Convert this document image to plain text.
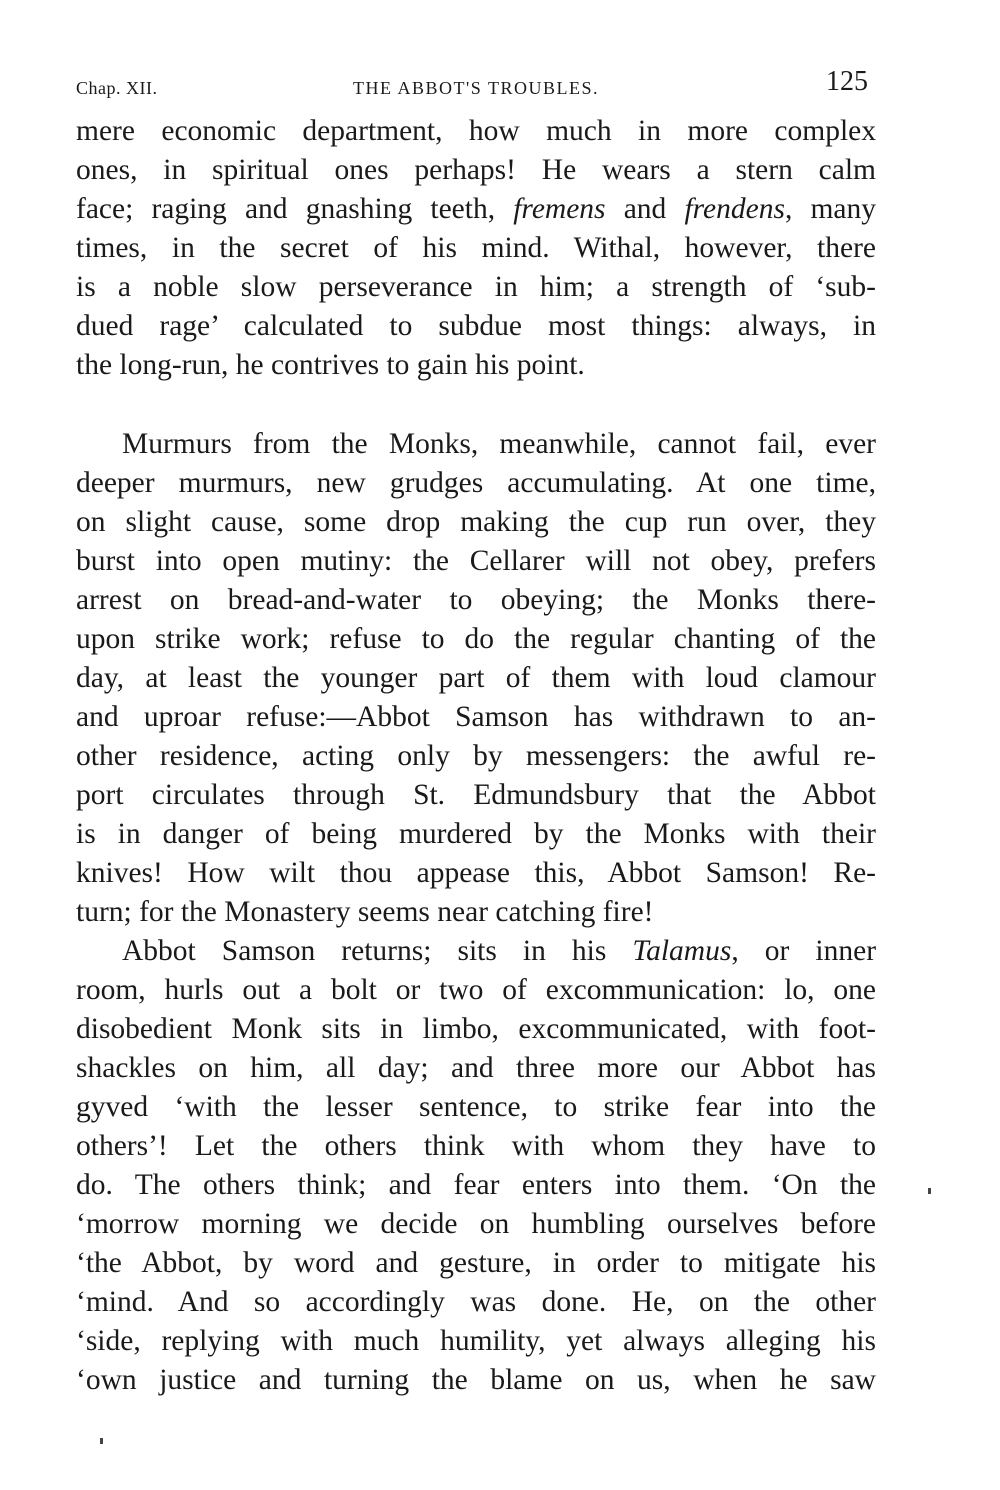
Chap. XII.	THE ABBOT'S TROUBLES.	125
mere economic department, how much in more complex
ones, in spiritual ones perhaps! He wears a stern calm
face; raging and gnashing teeth, fremens and frendens, many
times, in the secret of his mind. Withal, however, there
is a noble slow perseverance in him; a strength of ‘sub-
dued rage’ calculated to subdue most things: always, in
the long-run, he contrives to gain his point.
Murmurs from the Monks, meanwhile, cannot fail, ever
deeper murmurs, new grudges accumulating. At one time,
on slight cause, some drop making the cup run over, they
burst into open mutiny: the Cellarer will not obey, prefers
arrest on bread-and-water to obeying; the Monks there-
upon strike work; refuse to do the regular chanting of the
day, at least the younger part of them with loud clamour
and uproar refuse:—Abbot Samson has withdrawn to an-
other residence, acting only by messengers: the awful re-
port circulates through St. Edmundsbury that the Abbot
is in danger of being murdered by the Monks with their
knives! How wilt thou appease this, Abbot Samson! Re-
turn; for the Monastery seems near catching fire!
Abbot Samson returns; sits in his Talamus, or inner
room, hurls out a bolt or two of excommunication: lo, one
disobedient Monk sits in limbo, excommunicated, with foot-
shackles on him, all day; and three more our Abbot has
gyved ‘with the lesser sentence, to strike fear into the
others’! Let the others think with whom they have to
do. The others think; and fear enters into them. ‘On the
‘morrow morning we decide on humbling ourselves before
‘the Abbot, by word and gesture, in order to mitigate his
‘mind. And so accordingly was done. He, on the other
‘side, replying with much humility, yet always alleging his
‘own justice and turning the blame on us, when he saw
